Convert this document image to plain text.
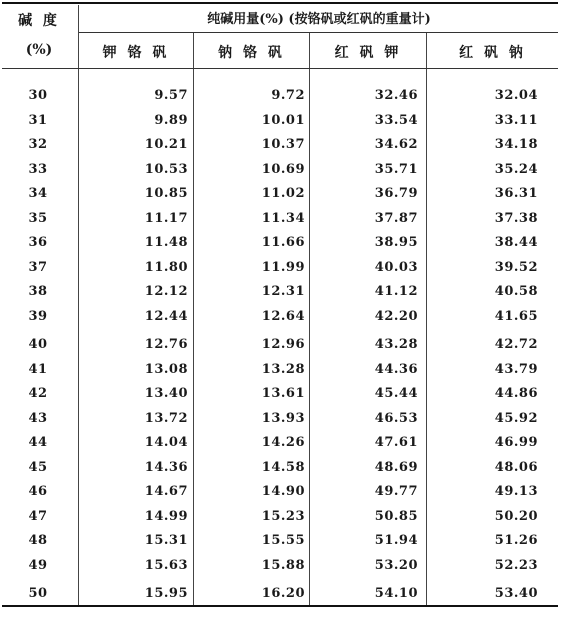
碱 度
(%)
纯碱用量(%) (按铬矾或红矾的重量计)
钾 铬 矾	钠 铬 矾	红 矾 钾	红 矾 钠
30	9.57	9.72	32.46	32.04
31	9.89	10.01	33.54	33.11
32	10.21	10.37	34.62	34.18
33	10.53	10.69	35.71	35.24
34	10.85	11.02	36.79	36.31
35	11.17	11.34	37.87	37.38
36	11.48	11.66	38.95	38.44
37	11.80	11.99	40.03	39.52
38	12.12	12.31	41.12	40.58
39	12.44	12.64	42.20	41.65
40	12.76	12.96	43.28	42.72
41	13.08	13.28	44.36	43.79
42	13.40	13.61	45.44	44.86
43	13.72	13.93	46.53	45.92
44	14.04	14.26	47.61	46.99
45	14.36	14.58	48.69	48.06
46	14.67	14.90	49.77	49.13
47	14.99	15.23	50.85	50.20
48	15.31	15.55	51.94	51.26
49	15.63	15.88	53.20	52.23
50	15.95	16.20	54.10	53.40
